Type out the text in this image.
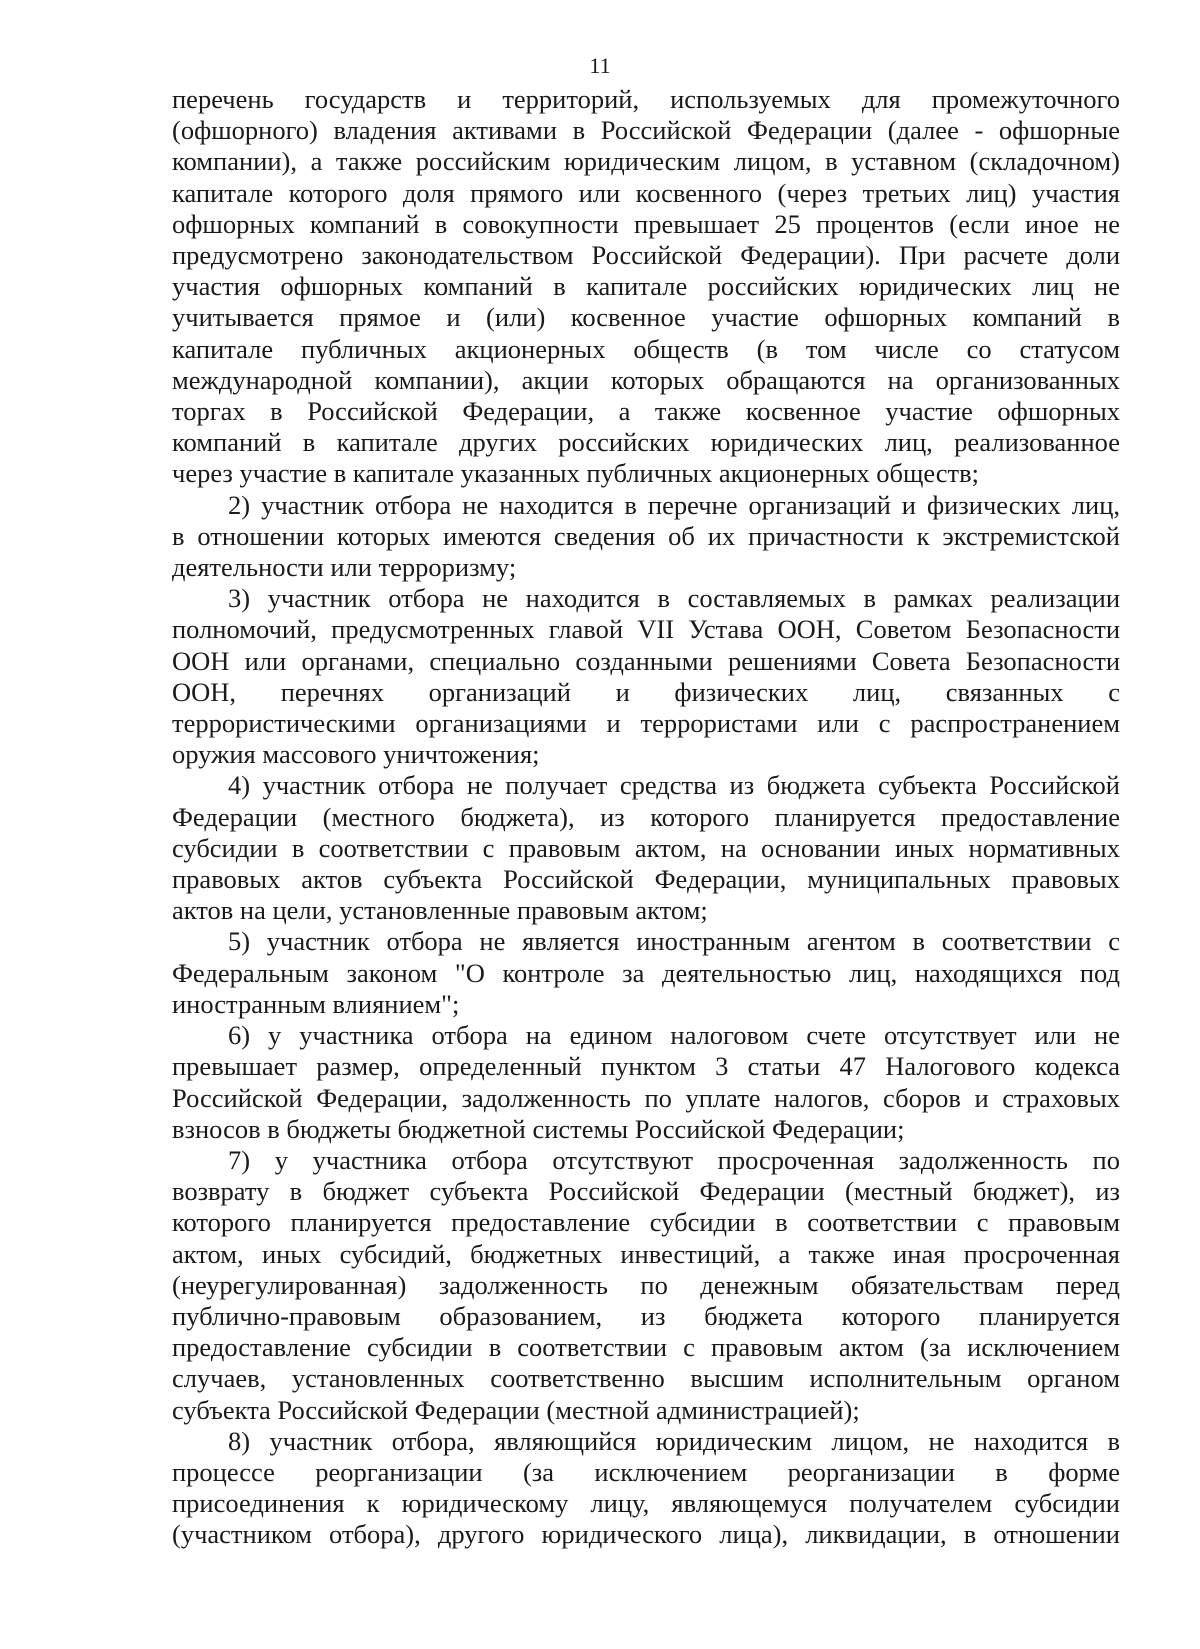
11
перечень государств и территорий, используемых для промежуточного
(офшорного) владения активами в Российской Федерации (далее - офшорные
компании), а также российским юридическим лицом, в уставном (складочном)
капитале которого доля прямого или косвенного (через третьих лиц) участия
офшорных компаний в совокупности превышает 25 процентов (если иное не
предусмотрено законодательством Российской Федерации). При расчете доли
участия офшорных компаний в капитале российских юридических лиц не
учитывается прямое и (или) косвенное участие офшорных компаний в
капитале публичных акционерных обществ (в том числе со статусом
международной компании), акции которых обращаются на организованных
торгах в Российской Федерации, а также косвенное участие офшорных
компаний в капитале других российских юридических лиц, реализованное
через участие в капитале указанных публичных акционерных обществ;
2) участник отбора не находится в перечне организаций и физических лиц,
в отношении которых имеются сведения об их причастности к экстремистской
деятельности или терроризму;
3) участник отбора не находится в составляемых в рамках реализации
полномочий, предусмотренных главой VII Устава ООН, Советом Безопасности
ООН или органами, специально созданными решениями Совета Безопасности
ООН, перечнях организаций и физических лиц, связанных с
террористическими организациями и террористами или с распространением
оружия массового уничтожения;
4) участник отбора не получает средства из бюджета субъекта Российской
Федерации (местного бюджета), из которого планируется предоставление
субсидии в соответствии с правовым актом, на основании иных нормативных
правовых актов субъекта Российской Федерации, муниципальных правовых
актов на цели, установленные правовым актом;
5) участник отбора не является иностранным агентом в соответствии с
Федеральным законом "О контроле за деятельностью лиц, находящихся под
иностранным влиянием";
6) у участника отбора на едином налоговом счете отсутствует или не
превышает размер, определенный пунктом 3 статьи 47 Налогового кодекса
Российской Федерации, задолженность по уплате налогов, сборов и страховых
взносов в бюджеты бюджетной системы Российской Федерации;
7) у участника отбора отсутствуют просроченная задолженность по
возврату в бюджет субъекта Российской Федерации (местный бюджет), из
которого планируется предоставление субсидии в соответствии с правовым
актом, иных субсидий, бюджетных инвестиций, а также иная просроченная
(неурегулированная) задолженность по денежным обязательствам перед
публично-правовым образованием, из бюджета которого планируется
предоставление субсидии в соответствии с правовым актом (за исключением
случаев, установленных соответственно высшим исполнительным органом
субъекта Российской Федерации (местной администрацией);
8) участник отбора, являющийся юридическим лицом, не находится в
процессе реорганизации (за исключением реорганизации в форме
присоединения к юридическому лицу, являющемуся получателем субсидии
(участником отбора), другого юридического лица), ликвидации, в отношении
